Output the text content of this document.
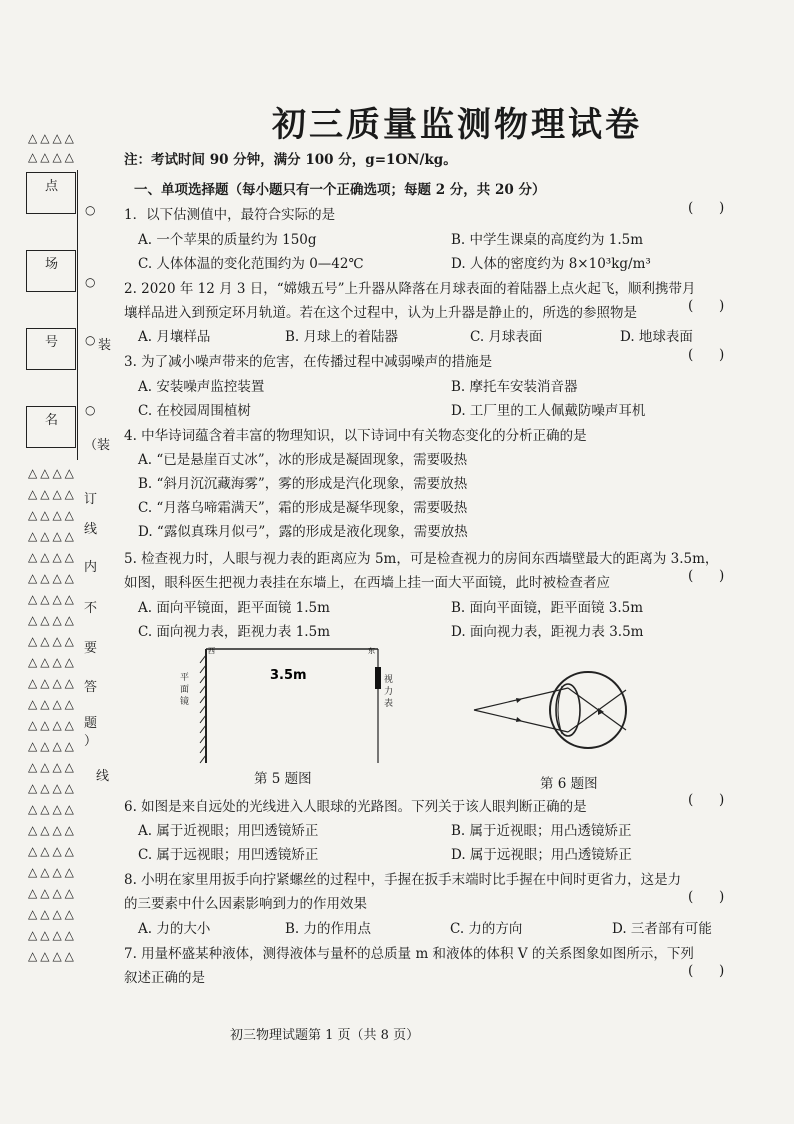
△△△△
△△△△
点
场
号
名
○
○
○ 装
○
（装
△△△△
△△△△
△△△△
△△△△
△△△△
△△△△
△△△△
△△△△
△△△△
△△△△
△△△△
△△△△
△△△△
△△△△
△△△△
△△△△
△△△△
△△△△
△△△△
△△△△
△△△△
△△△△
△△△△
△△△△
订
线
内
不
要
答
题
）
线
初三质量监测物理试卷
注：考试时间 90 分钟，满分 100 分，g=1ON/kg。
一、单项选择题（每小题只有一个正确选项；每题 2 分，共 20 分）
1．以下估测值中，最符合实际的是	(      )
A. 一个苹果的质量约为 150g	B. 中学生课桌的高度约为 1.5m
C. 人体体温的变化范围约为 0—42℃	D. 人体的密度约为 8×10³kg/m³
2. 2020 年 12 月 3 日，“嫦娥五号”上升器从降落在月球表面的着陆器上点火起飞，顺利携带月
壤样品进入到预定环月轨道。若在这个过程中，认为上升器是静止的，所选的参照物是	(      )
A. 月壤样品	B. 月球上的着陆器	C. 月球表面	D. 地球表面
3. 为了减小噪声带来的危害，在传播过程中减弱噪声的措施是	(      )
A. 安装噪声监控装置	B. 摩托车安装消音器
C. 在校园周围植树	D. 工厂里的工人佩戴防噪声耳机
4. 中华诗词蕴含着丰富的物理知识，以下诗词中有关物态变化的分析正确的是
A. “已是悬崖百丈冰”，冰的形成是凝固现象，需要吸热
B. “斜月沉沉藏海雾”，雾的形成是汽化现象，需要放热
C. “月落乌啼霜满天”，霜的形成是凝华现象，需要吸热
D. “露似真珠月似弓”，露的形成是液化现象，需要放热
5. 检查视力时，人眼与视力表的距离应为 5m，可是检查视力的房间东西墙壁最大的距离为 3.5m，
如图，眼科医生把视力表挂在东墙上，在西墙上挂一面大平面镜，此时被检查者应	(      )
A. 面向平镜面，距平面镜 1.5m	B. 面向平面镜，距平面镜 3.5m
C. 面向视力表，距视力表 1.5m	D. 面向视力表，距视力表 3.5m
西	东
3.5m
平面镜
视力表
第 5 题图	第 6 题图
6. 如图是来自远处的光线进入人眼球的光路图。下列关于该人眼判断正确的是	(      )
A. 属于近视眼；用凹透镜矫正	B. 属于近视眼；用凸透镜矫正
C. 属于远视眼；用凹透镜矫正	D. 属于远视眼；用凸透镜矫正
8. 小明在家里用扳手向拧紧螺丝的过程中，手握在扳手末端时比手握在中间时更省力，这是力
的三要素中什么因素影响到力的作用效果	(      )
A. 力的大小	B. 力的作用点	C. 力的方向	D. 三者部有可能
7. 用量杯盛某种液体，测得液体与量杯的总质量 m 和液体的体积 V 的关系图象如图所示，下列
叙述正确的是	(      )
初三物理试题第 1 页（共 8 页）
